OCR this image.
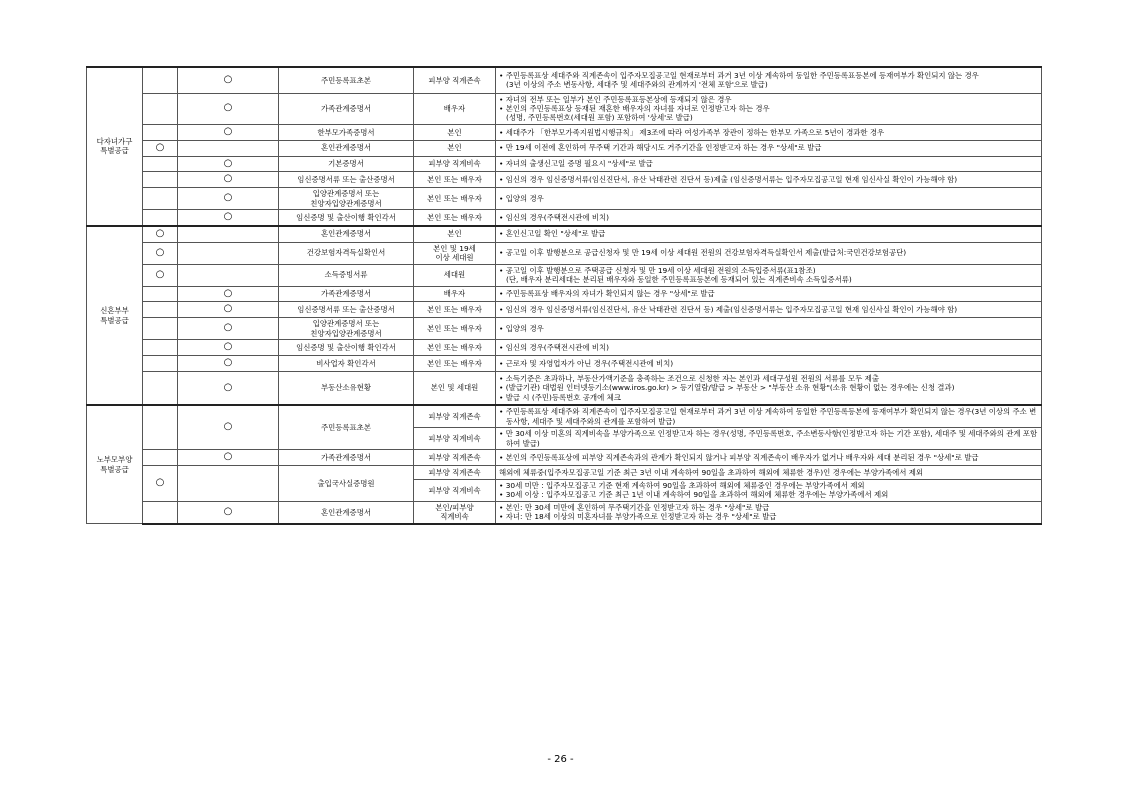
다자녀가구
특별공급		○	주민등록표초본	피부양 직계존속	• 주민등록표상 세대주와 직계존속이 입주자모집공고일 현재로부터 과거 3년 이상 계속하여 동일한 주민등록표등본에 등재여부가 확인되지 않는 경우
(3년 이상의 주소 변동사항, 세대주 및 세대주와의 관계까지 '전체 포함'으로 발급)

		○	가족관계증명서	배우자	• 자녀의 전부 또는 일부가 본인 주민등록표등본상에 등재되지 않은 경우
• 본인의 주민등록표상 등재된 재혼한 배우자의 자녀를 자녀로 인정받고자 하는 경우
(성명, 주민등록번호(세대원 포함) 포함하여 '상세'로 발급)

		○	한부모가족증명서	본인	• 세대주가 「한부모가족지원법시행규칙」 제3조에 따라 여성가족부 장관이 정하는 한부모 가족으로 5년이 경과한 경우

	○		혼인관계증명서	본인	• 만 19세 이전에 혼인하여 무주택 기간과 해당시도 거주기간을 인정받고자 하는 경우 "상세"로 발급

		○	기본증명서	피부양 직계비속	• 자녀의 출생신고일 증명 필요시 "상세"로 발급

		○	임신증명서류 또는 출산증명서	본인 또는 배우자	• 임신의 경우 임신증명서류(임신진단서, 유산 낙태관련 진단서 등)제출 (임신증명서류는 입주자모집공고일 현재 임신사실 확인이 가능해야 함)

		○	입양관계증명서 또는
친양자입양관계증명서	본인 또는 배우자	• 입양의 경우

		○	임신증명 및 출산이행 확인각서	본인 또는 배우자	• 임신의 경우(주택전시관에 비치)

신혼부부
특별공급	○		혼인관계증명서	본인	• 혼인신고일 확인 "상세"로 발급

	○		건강보험자격득실확인서	본인 및 19세
이상 세대원	• 공고일 이후 발행분으로 공급신청자 및 만 19세 이상 세대원 전원의 건강보험자격득실확인서 제출(발급처:국민건강보험공단)

	○		소득증빙서류	세대원	• 공고일 이후 발행분으로 주택공급 신청자 및 만 19세 이상 세대원 전원의 소득입증서류(표1참조)
(단, 배우자 분리세대는 분리된 배우자와 동일한 주민등록표등본에 등재되어 있는 직계존비속 소득입증서류)

		○	가족관계증명서	배우자	• 주민등록표상 배우자의 자녀가 확인되지 않는 경우 "상세"로 발급

		○	임신증명서류 또는 출산증명서	본인 또는 배우자	• 임신의 경우 임신증명서류(임신진단서, 유산 낙태관련 진단서 등) 제출(임신증명서류는 입주자모집공고일 현재 임신사실 확인이 가능해야 함)

		○	입양관계증명서 또는
친양자입양관계증명서	본인 또는 배우자	• 입양의 경우

		○	임신증명 및 출산이행 확인각서	본인 또는 배우자	• 임신의 경우(주택전시관에 비치)

		○	비사업자 확인각서	본인 또는 배우자	• 근로자 및 자영업자가 아닌 경우(주택전시관에 비치)

		○	부동산소유현황	본인 및 세대원	• 소득기준은 초과하나, 부동산가액기준을 충족하는 조건으로 신청한 자는 본인과 세대구성원 전원의 서류를 모두 제출
• (발급기관) 대법원 인터넷등기소(www.iros.go.kr) > 등기열람/발급 > 부동산 > "부동산 소유 현황"(소유 현황이 없는 경우에는 신청 결과)
• 발급 시 (주민)등록번호 공개에 체크

노부모부양
특별공급		○	주민등록표초본	피부양 직계존속	• 주민등록표상 세대주와 직계존속이 입주자모집공고일 현재로부터 과거 3년 이상 계속하여 동일한 주민등록등본에 등재여부가 확인되지 않는 경우(3년 이상의 주소 변동사항, 세대주 및 세대주와의 관계를 포함하여 발급)

				피부양 직계비속	• 만 30세 이상 미혼의 직계비속을 부양가족으로 인정받고자 하는 경우(성명, 주민등록번호, 주소변동사항(인정받고자 하는 기간 포함), 세대주 및 세대주와의 관계 포함하여 발급)

		○	가족관계증명서	피부양 직계존속	• 본인의 주민등록표상에 피부양 직계존속과의 관계가 확인되지 않거나 피부양 직계존속이 배우자가 없거나 배우자와 세대 분리된 경우 "상세"로 발급

	○		출입국사실증명원	피부양 직계존속	해외에 체류중(입주자모집공고일 기준 최근 3년 이내 계속하여 90일을 초과하여 해외에 체류한 경우)인 경우에는 부양가족에서 제외

				피부양 직계비속	• 30세 미만 : 입주자모집공고 기준 현재 계속하여 90일을 초과하여 해외에 체류중인 경우에는 부양가족에서 제외
• 30세 이상 : 입주자모집공고 기준 최근 1년 이내 계속하여 90일을 초과하여 해외에 체류한 경우에는 부양가족에서 제외

		○	혼인관계증명서	본인/피부양
직계비속	• 본인: 만 30세 미만에 혼인하여 무주택기간을 인정받고자 하는 경우 "상세"로 발급
• 자녀: 만 18세 이상의 미혼자녀를 부양가족으로 인정받고자 하는 경우 "상세"로 발급
- 26 -
